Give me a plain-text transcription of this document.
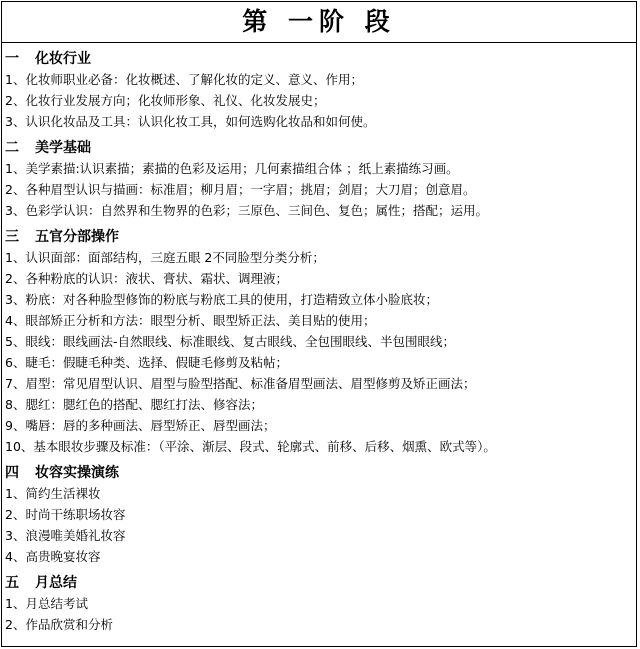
第 一阶 段
一 化妆行业
1、化妆师职业必备：化妆概述、了解化妆的定义、意义、作用；
2、化妆行业发展方向；化妆师形象、礼仪、化妆发展史；
3、认识化妆品及工具：认识化妆工具，如何选购化妆品和如何使。
二 美学基础
1、美学素描:认识素描；素描的色彩及运用；几何素描组合体 ；纸上素描练习画。
2、各种眉型认识与描画：标准眉；柳月眉；一字眉；挑眉；剑眉；大刀眉；创意眉。
3、色彩学认识：自然界和生物界的色彩；三原色、三间色、复色；属性；搭配；运用。
三 五官分部操作
1、认识面部：面部结构，三庭五眼 2不同脸型分类分析；
2、各种粉底的认识：液状、膏状、霜状、调理液；
3、粉底：对各种脸型修饰的粉底与粉底工具的使用，打造精致立体小脸底妆；
4、眼部矫正分析和方法：眼型分析、眼型矫正法、美目贴的使用；
5、眼线：眼线画法-自然眼线、标准眼线、复古眼线、全包围眼线、半包围眼线；
6、睫毛：假睫毛种类、选择、假睫毛修剪及粘帖；
7、眉型：常见眉型认识、眉型与脸型搭配、标准备眉型画法、眉型修剪及矫正画法；
8、腮红：腮红色的搭配、腮红打法、修容法；
9、嘴唇：唇的多种画法、唇型矫正、唇型画法；
10、基本眼妆步骤及标准：（平涂、渐层、段式、轮廓式、前移、后移、烟熏、欧式等）。
四 妆容实操演练
1、简约生活裸妆
2、时尚干练职场妆容
3、浪漫唯美婚礼妆容
4、高贵晚宴妆容
五 月总结
1、月总结考试
2、作品欣赏和分析
